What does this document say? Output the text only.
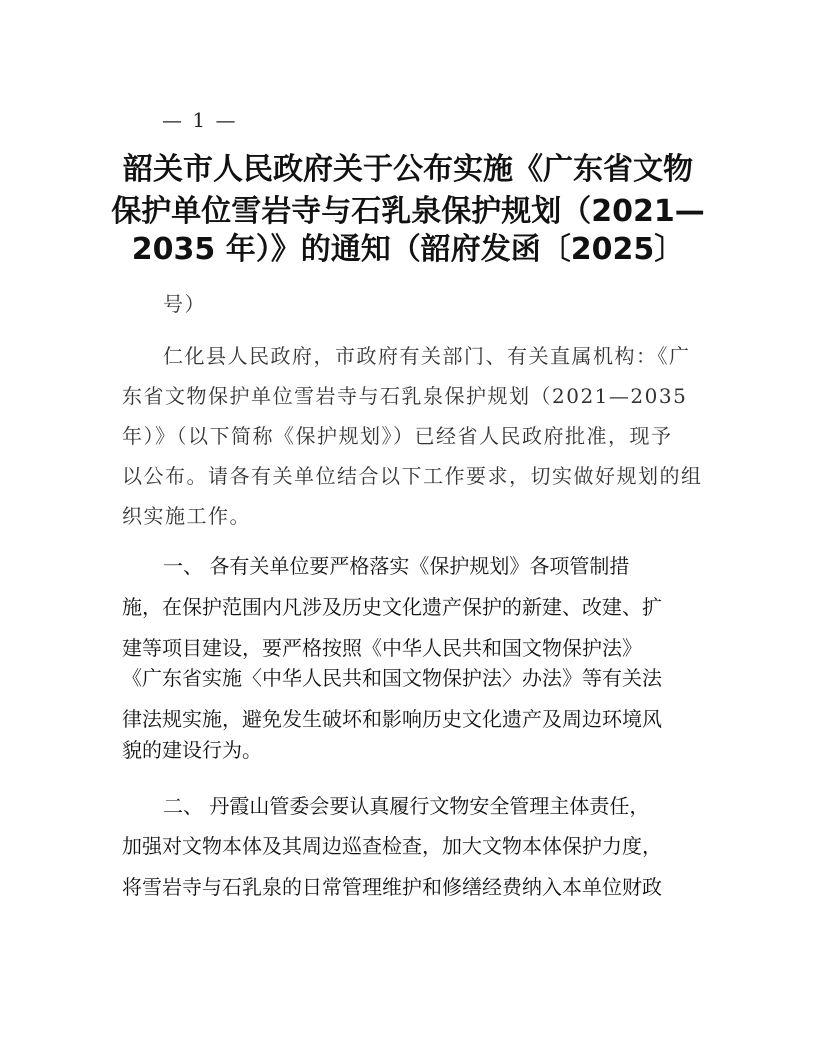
— 1 —
韶关市人民政府关于公布实施《广东省文物
保护单位雪岩寺与石乳泉保护规划（2021—
2035 年）》的通知（韶府发函〔2025〕
号）
仁化县人民政府，市政府有关部门、有关直属机构：《广
东省文物保护单位雪岩寺与石乳泉保护规划（2021—2035
年）》（以下简称《保护规划》）已经省人民政府批准，现予
以公布。请各有关单位结合以下工作要求，切实做好规划的组
织实施工作。
一、 各有关单位要严格落实《保护规划》各项管制措
施，在保护范围内凡涉及历史文化遗产保护的新建、改建、扩
建等项目建设，要严格按照《中华人民共和国文物保护法》
《广东省实施〈中华人民共和国文物保护法〉办法》等有关法
律法规实施，避免发生破坏和影响历史文化遗产及周边环境风
貌的建设行为。
二、 丹霞山管委会要认真履行文物安全管理主体责任，
加强对文物本体及其周边巡查检查，加大文物本体保护力度，
将雪岩寺与石乳泉的日常管理维护和修缮经费纳入本单位财政
